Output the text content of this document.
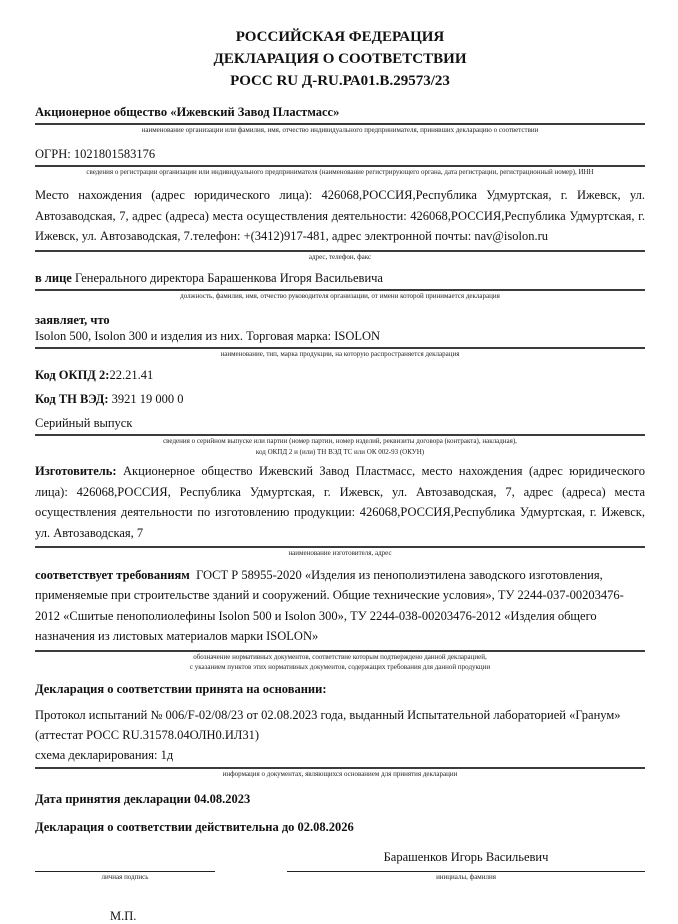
РОССИЙСКАЯ ФЕДЕРАЦИЯ
ДЕКЛАРАЦИЯ О СООТВЕТСТВИИ
РОСС RU Д-RU.РА01.В.29573/23
Акционерное общество «Ижевский Завод Пластмасс»
наименование организации или фамилия, имя, отчество индивидуального предпринимателя, принявших декларацию о соответствии
ОГРН: 1021801583176
сведения о регистрации организации или индивидуального предпринимателя (наименование регистрирующего органа, дата регистрации, регистрационный номер), ИНН
Место нахождения (адрес юридического лица): 426068,РОССИЯ,Республика Удмуртская, г. Ижевск, ул. Автозаводская, 7, адрес (адреса) места осуществления деятельности: 426068,РОССИЯ,Республика Удмуртская, г. Ижевск, ул. Автозаводская, 7.телефон: +(3412)917-481, адрес электронной почты: nav@isolon.ru
адрес, телефон, факс
в лице Генерального директора Барашенкова Игоря Васильевича
должность, фамилия, имя, отчество руководителя организации, от имени которой принимается декларация
заявляет, что
Isolon 500, Isolon 300 и изделия из них. Торговая марка: ISOLON
наименование, тип, марка продукции, на которую распространяется декларация
Код ОКПД 2:22.21.41
Код ТН ВЭД: 3921 19 000 0
Серийный выпуск
сведения о серийном выпуске или партии (номер партии, номер изделий, реквизиты договора (контракта), накладная),
код ОКПД 2 и (или) ТН ВЭД ТС или ОК 002-93 (ОКУН)
Изготовитель: Акционерное общество Ижевский Завод Пластмасс, место нахождения (адрес юридического лица): 426068,РОССИЯ, Республика Удмуртская, г. Ижевск, ул. Автозаводская, 7, адрес (адреса) места осуществления деятельности по изготовлению продукции: 426068,РОССИЯ,Республика Удмуртская, г. Ижевск, ул. Автозаводская, 7
наименование изготовителя, адрес
соответствует требованиям ГОСТ Р 58955-2020 «Изделия из пенополиэтилена заводского изготовления, применяемые при строительстве зданий и сооружений. Общие технические условия», ТУ 2244-037-00203476-2012 «Сшитые пенополиолефины Isolon 500 и Isolon 300», ТУ 2244-038-00203476-2012 «Изделия общего назначения из листовых материалов марки ISOLON»
обозначение нормативных документов, соответствие которым подтверждено данной декларацией,
с указанием пунктов этих нормативных документов, содержащих требования для данной продукции
Декларация о соответствии принята на основании:
Протокол испытаний № 006/F-02/08/23 от 02.08.2023 года, выданный Испытательной лабораторией «Гранум» (аттестат РОСС RU.31578.04ОЛН0.ИЛ31)
схема декларирования: 1д
информация о документах, являющихся основанием для принятия декларации
Дата принятия декларации 04.08.2023
Декларация о соответствии действительна до 02.08.2026

личная подпись
Барашенков Игорь Васильевич
инициалы, фамилия
М.П.
